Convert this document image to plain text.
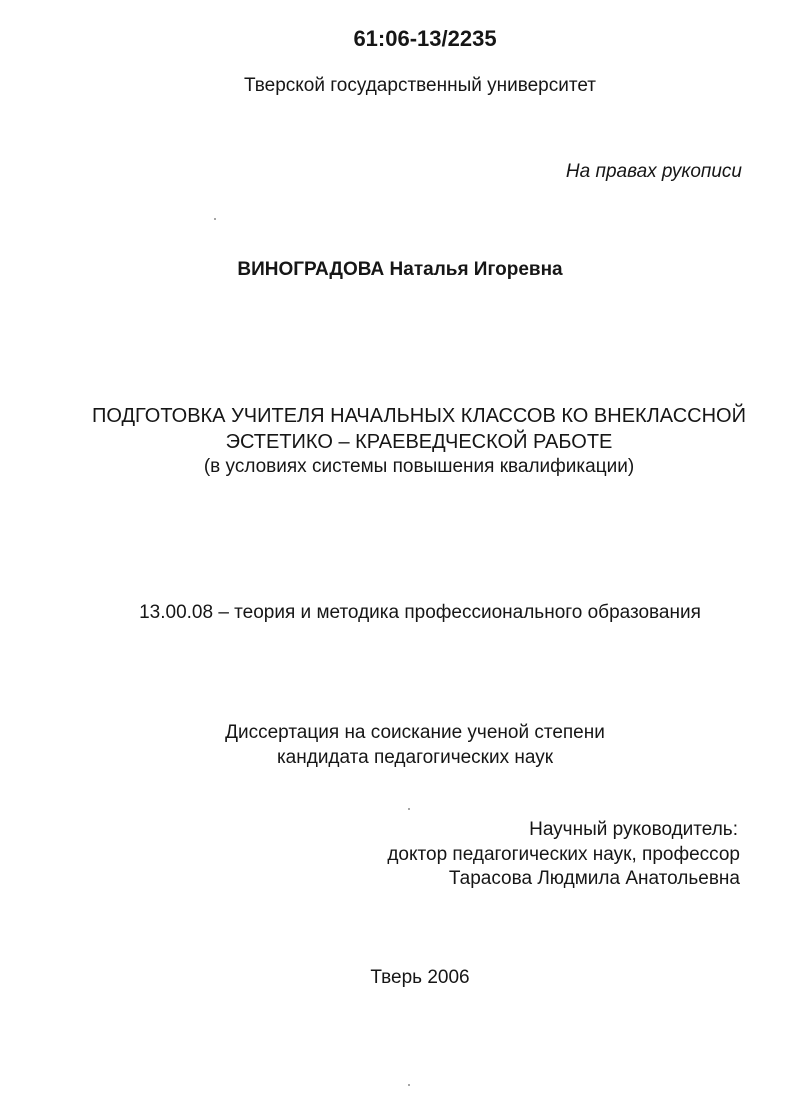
61:06-13/2235
Тверской государственный университет
На правах рукописи
ВИНОГРАДОВА Наталья Игоревна
ПОДГОТОВКА УЧИТЕЛЯ НАЧАЛЬНЫХ КЛАССОВ КО ВНЕКЛАССНОЙ
ЭСТЕТИКО – КРАЕВЕДЧЕСКОЙ РАБОТЕ
(в условиях системы повышения квалификации)
13.00.08 – теория и методика профессионального образования
Диссертация на соискание ученой степени
кандидата педагогических наук
Научный руководитель:
доктор педагогических наук, профессор
Тарасова Людмила Анатольевна
Тверь 2006
